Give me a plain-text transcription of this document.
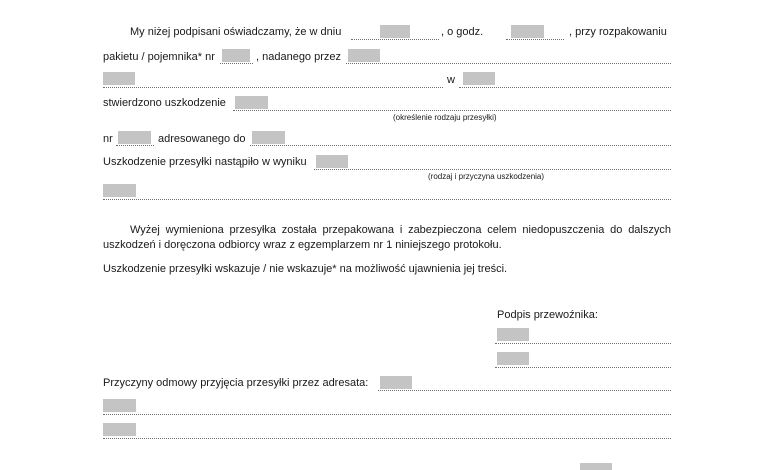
My niżej podpisani oświadczamy, że w dniu	, o godz.	, przy rozpakowaniu
pakietu / pojemnika* nr	, nadanego przez
w
stwierdzono uszkodzenie
(określenie rodzaju przesyłki)
nr	adresowanego do
Uszkodzenie przesyłki nastąpiło w wyniku
(rodzaj i przyczyna uszkodzenia)
Wyżej wymieniona przesyłka została przepakowana i zabezpieczona celem niedopuszczenia do dalszych
uszkodzeń i doręczona odbiorcy wraz z egzemplarzem nr 1 niniejszego protokołu.
Uszkodzenie przesyłki wskazuje / nie wskazuje* na możliwość ujawnienia jej treści.
Podpis przewoźnika:
Przyczyny odmowy przyjęcia przesyłki przez adresata:
